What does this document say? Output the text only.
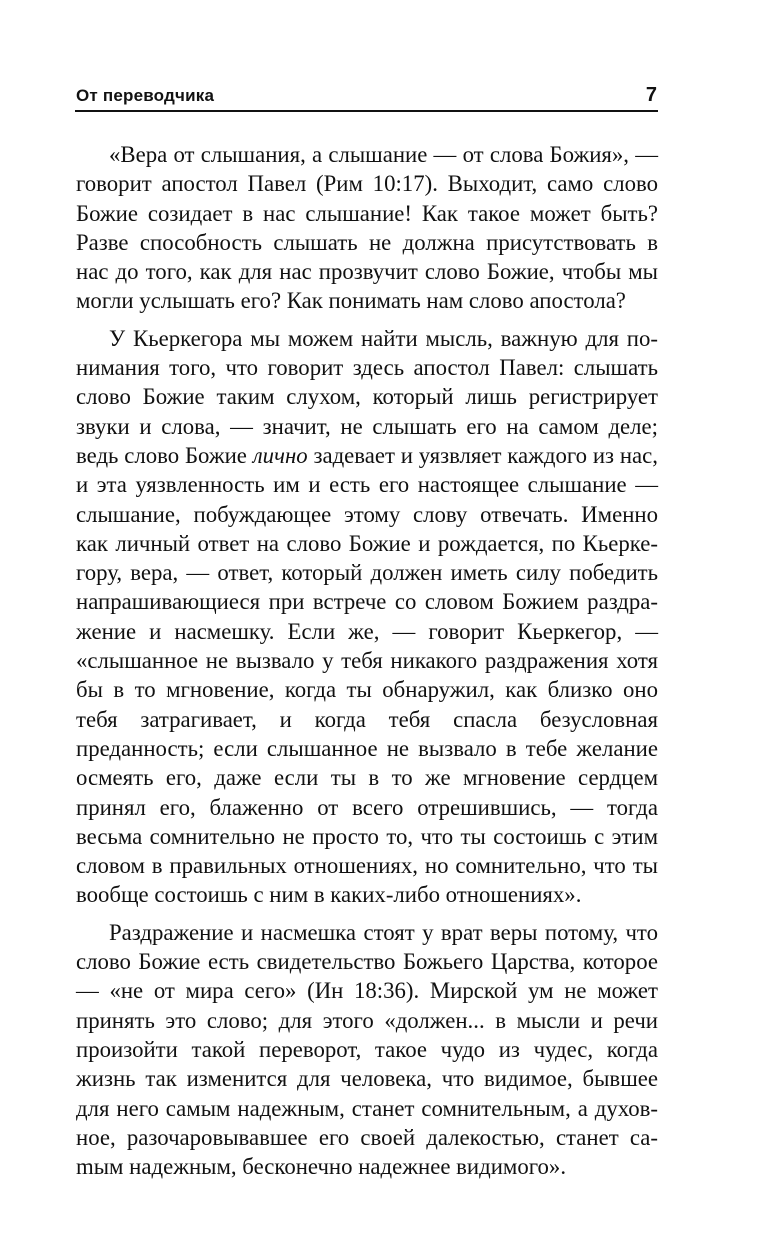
От переводчика	7

«Вера от слышания, а слышание — от слова Божия», — говорит апостол Павел (Рим 10:17). Выходит, само слово Божие созидает в нас слышание! Как такое может быть? Разве способность слышать не должна присутствовать в нас до того, как для нас прозвучит слово Божие, чтобы мы могли услышать его? Как понимать нам слово апостола?

У Кьеркегора мы можем найти мысль, важную для понимания того, что говорит здесь апостол Павел: слышать слово Божие таким слухом, который лишь регистрирует звуки и слова, — значит, не слышать его на самом деле; ведь слово Божие лично задевает и уязвляет каждого из нас, и эта уязвленность им и есть его настоящее слышание — слышание, побуждающее этому слову отвечать. Именно как личный ответ на слово Божие и рождается, по Кьеркегору, вера, — ответ, который должен иметь силу победить напрашивающиеся при встрече со словом Божием раздражение и насмешку. Если же, — говорит Кьеркегор, — «слышанное не вызвало у тебя никакого раздражения хотя бы в то мгновение, когда ты обнаружил, как близко оно тебя затрагивает, и когда тебя спасла безусловная преданность; если слышанное не вызвало в тебе желание осмеять его, даже если ты в то же мгновение сердцем принял его, блаженно от всего отрешившись, — тогда весьма сомнительно не просто то, что ты состоишь с этим словом в правильных отношениях, но сомнительно, что ты вообще состоишь с ним в каких-либо отношениях».

Раздражение и насмешка стоят у врат веры потому, что слово Божие есть свидетельство Божьего Царства, которое — «не от мира сего» (Ин 18:36). Мирской ум не может принять это слово; для этого «должен... в мысли и речи произойти такой переворот, такое чудо из чудес, когда жизнь так изменится для человека, что видимое, бывшее для него самым надежным, станет сомнительным, а духовное, разочаровывавшее его своей далекостью, станет саmым надежным, бесконечно надежнее видимого».
